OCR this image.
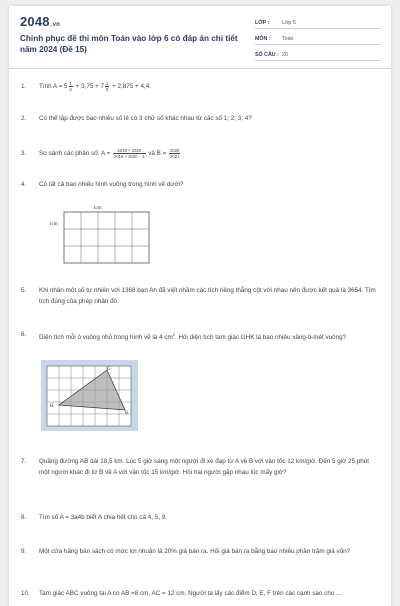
2048.vn
Chinh phục đề thi môn Toán vào lớp 6 có đáp án chi tiết năm 2024 (Đề 15)
LỚP :	Lớp 5
MÔN :	Toán
SỐ CÂU : 20
1.	Tính $A = 5 \frac{1}{2} + 3,75 + 7 \frac{1}{8} + 2,875 + 4,4$.
2.	Có thể lập được bao nhiêu số lẻ có 3 chữ số khác nhau từ các số 1; 2; 3; 4?
3.	So sánh các phân số: $A = \frac{2019 \times 2020}{2019 \times 2020 - 1}$ và $B = \frac{2020}{2021}$
4.	Có tất cả bao nhiêu hình vuông trong hình vẽ dưới?
1cm
1cm
5.	Khi nhân một số tự nhiên với 1368 bạn An đã viết nhầm các tích riêng thẳng cột với nhau nên được kết quả là 3654. Tìm tích đúng của phép nhân đó.
6.	Diện tích mỗi ô vuông nhỏ trong hình vẽ là 4 $cm^2$. Hỏi diện tích tam giác GHK là bao nhiêu xăng-ti-mét vuông?
G
H
K
7.	Quãng đường AB dài 18,5 km. Lúc 5 giờ sáng một người đi xe đạp từ A về B với vận tốc 12 km/giờ. Đến 5 giờ 25 phút một người khác đi từ B về A với vận tốc 15 km/giờ. Hỏi hai người gặp nhau lúc mấy giờ?
8.	Tìm số A = 3a4b biết A chia hết cho cả 4, 5, 9.
9.	Một cửa hàng bán sách có mức lợi nhuận là 20% giá bán ra. Hỏi giá bán ra bằng bao nhiêu phần trăm giá vốn?
10.	Tam giác ABC vuông tại A có AB =8 cm, AC = 12 cm. Người ta lấy các điểm D, E, F trên các cạnh sao cho ...
